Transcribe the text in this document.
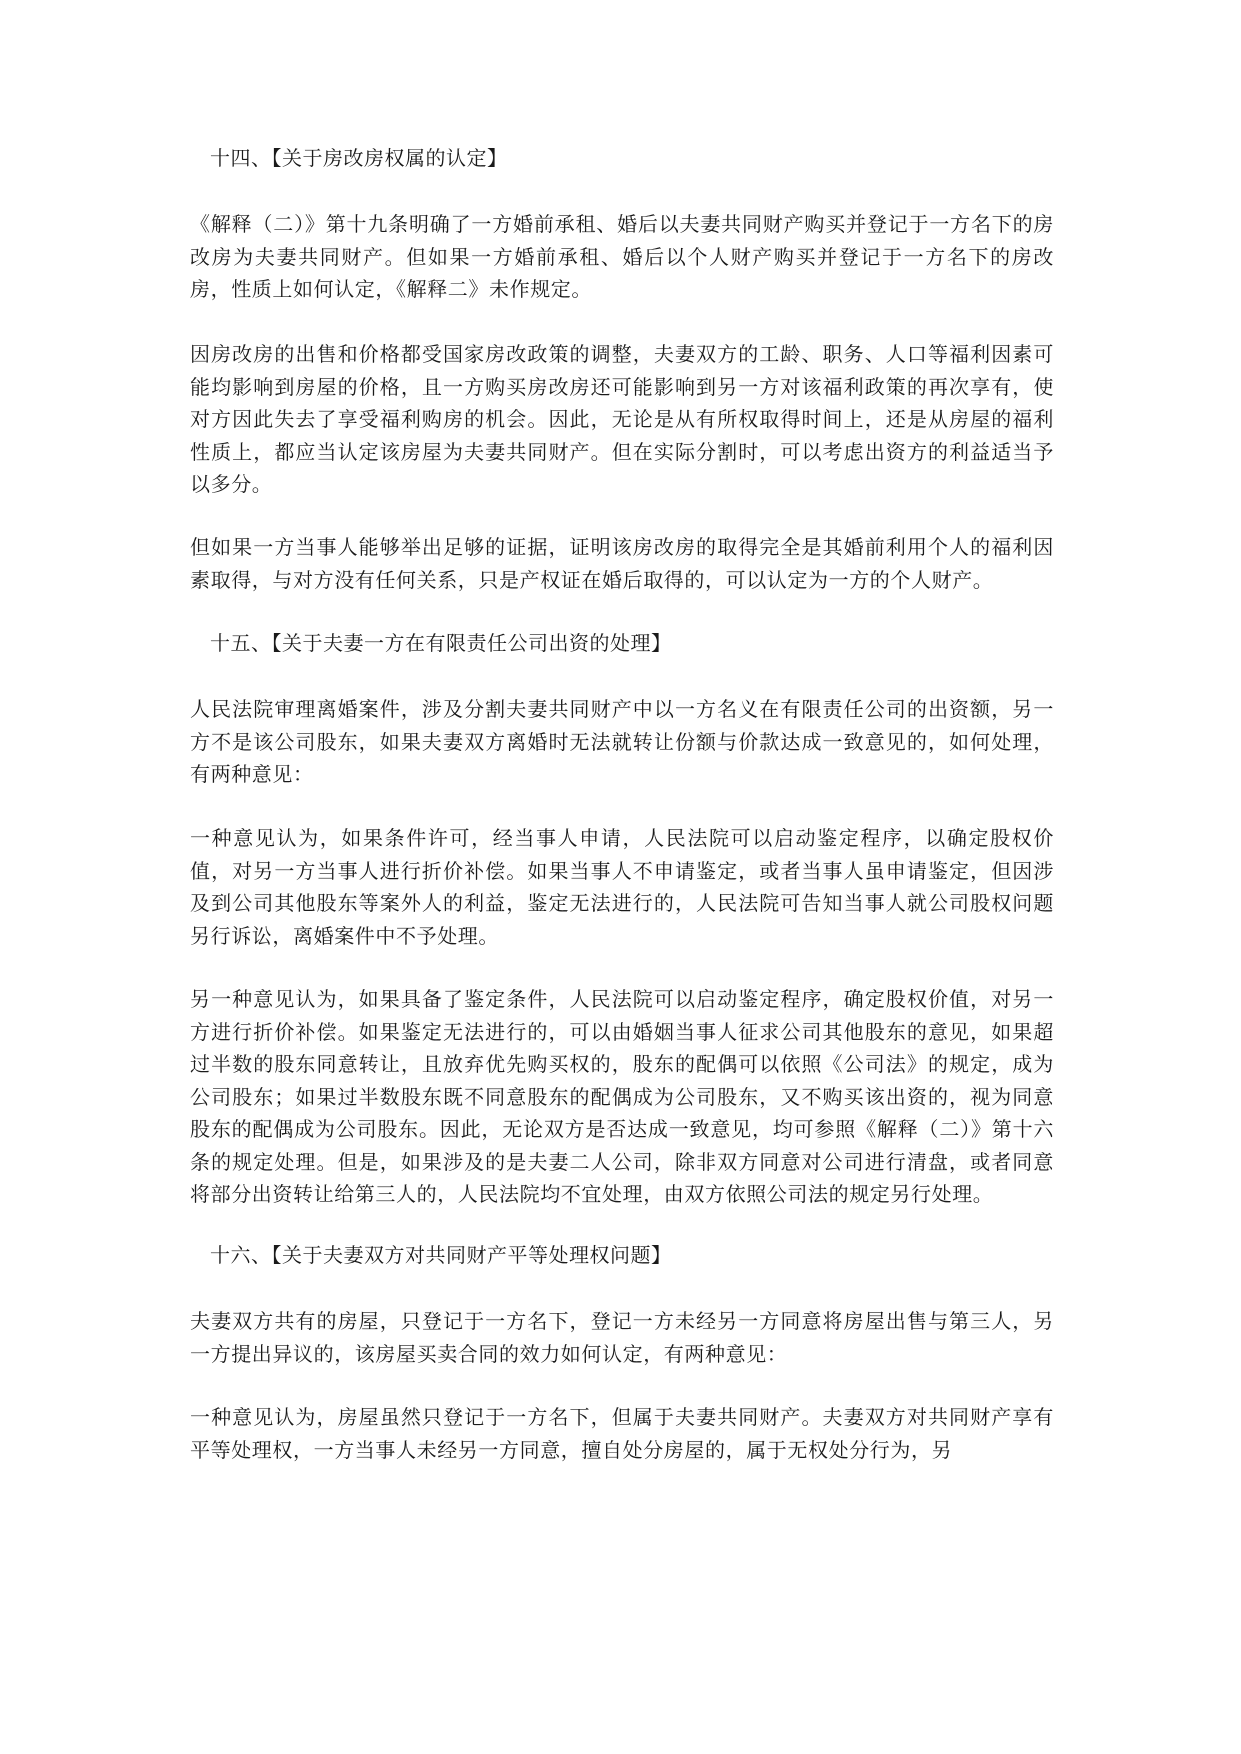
十四、【关于房改房权属的认定】

《解释（二）》第十九条明确了一方婚前承租、婚后以夫妻共同财产购买并登记于一方名下的房改房为夫妻共同财产。但如果一方婚前承租、婚后以个人财产购买并登记于一方名下的房改房，性质上如何认定，《解释二》未作规定。

因房改房的出售和价格都受国家房改政策的调整，夫妻双方的工龄、职务、人口等福利因素可能均影响到房屋的价格，且一方购买房改房还可能影响到另一方对该福利政策的再次享有，使对方因此失去了享受福利购房的机会。因此，无论是从有所权取得时间上，还是从房屋的福利性质上，都应当认定该房屋为夫妻共同财产。但在实际分割时，可以考虑出资方的利益适当予以多分。

但如果一方当事人能够举出足够的证据，证明该房改房的取得完全是其婚前利用个人的福利因素取得，与对方没有任何关系，只是产权证在婚后取得的，可以认定为一方的个人财产。

十五、【关于夫妻一方在有限责任公司出资的处理】

人民法院审理离婚案件，涉及分割夫妻共同财产中以一方名义在有限责任公司的出资额，另一方不是该公司股东，如果夫妻双方离婚时无法就转让份额与价款达成一致意见的，如何处理，有两种意见：

一种意见认为，如果条件许可，经当事人申请，人民法院可以启动鉴定程序，以确定股权价值，对另一方当事人进行折价补偿。如果当事人不申请鉴定，或者当事人虽申请鉴定，但因涉及到公司其他股东等案外人的利益，鉴定无法进行的，人民法院可告知当事人就公司股权问题另行诉讼，离婚案件中不予处理。

另一种意见认为，如果具备了鉴定条件，人民法院可以启动鉴定程序，确定股权价值，对另一方进行折价补偿。如果鉴定无法进行的，可以由婚姻当事人征求公司其他股东的意见，如果超过半数的股东同意转让，且放弃优先购买权的，股东的配偶可以依照《公司法》的规定，成为公司股东；如果过半数股东既不同意股东的配偶成为公司股东，又不购买该出资的，视为同意股东的配偶成为公司股东。因此，无论双方是否达成一致意见，均可参照《解释（二）》第十六条的规定处理。但是，如果涉及的是夫妻二人公司，除非双方同意对公司进行清盘，或者同意将部分出资转让给第三人的，人民法院均不宜处理，由双方依照公司法的规定另行处理。

十六、【关于夫妻双方对共同财产平等处理权问题】

夫妻双方共有的房屋，只登记于一方名下，登记一方未经另一方同意将房屋出售与第三人，另一方提出异议的，该房屋买卖合同的效力如何认定，有两种意见：

一种意见认为，房屋虽然只登记于一方名下，但属于夫妻共同财产。夫妻双方对共同财产享有平等处理权，一方当事人未经另一方同意，擅自处分房屋的，属于无权处分行为，另
